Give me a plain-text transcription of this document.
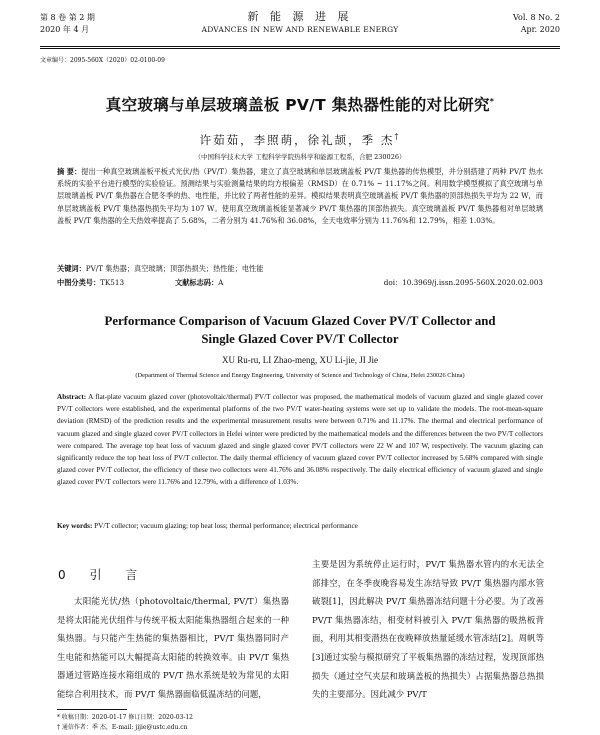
第 8 卷 第 2 期
2020 年 4 月
新 能 源 进 展
ADVANCES IN NEW AND RENEWABLE ENERGY
Vol. 8 No. 2
Apr. 2020
文章编号：2095-560X（2020）02-0100-09
真空玻璃与单层玻璃盖板 PV/T 集热器性能的对比研究*
许茹茹，李照萌，徐礼颉，季 杰†
（中国科学技术大学 工程科学学院热科学和能源工程系，合肥 230026）
摘 要：提出一种真空玻璃盖板平板式光伏/热（PV/T）集热器，建立了真空玻璃和单层玻璃盖板 PV/T 集热器的传热模型，并分别搭建了两种 PV/T 热水系统的实验平台进行模型的实验验证。预测结果与实验测量结果的均方根偏差（RMSD）在 0.71% ~ 11.17%之间。利用数学模型模拟了真空玻璃与单层玻璃盖板 PV/T 集热器在合肥冬季的热、电性能，并比较了两者性能的差异。模拟结果表明真空玻璃盖板 PV/T 集热器的顶部热损失平均为 22 W，而单层玻璃盖板 PV/T 集热器热损失平均为 107 W。使用真空玻璃盖板能显著减少 PV/T 集热器的顶部热损失。真空玻璃盖板 PV/T 集热器相对单层玻璃盖板 PV/T 集热器的全天热效率提高了 5.68%，二者分别为 41.76%和 36.08%，全天电效率分别为 11.76%和 12.79%，相差 1.03%。
关键词：PV/T 集热器；真空玻璃；顶部热损失；热性能；电性能
中图分类号： TK513	文献标志码： A	doi：10.3969/j.issn.2095-560X.2020.02.003
Performance Comparison of Vacuum Glazed Cover PV/T Collector and
Single Glazed Cover PV/T Collector
XU Ru-ru, LI Zhao-meng, XU Li-jie, JI Jie
(Department of Thermal Science and Energy Engineering, University of Science and Technology of China, Hefei 230026 China)
Abstract: A flat-plate vacuum glazed cover (photovoltaic/thermal) PV/T collector was proposed, the mathematical models of vacuum glazed and single glazed cover PV/T collectors were established, and the experimental platforms of the two PV/T water-heating systems were set up to validate the models. The root-mean-square deviation (RMSD) of the prediction results and the experimental measurement results were between 0.71% and 11.17%. The thermal and electrical performance of vacuum glazed and single glazed cover PV/T collectors in Hefei winter were predicted by the mathematical models and the differences between the two PV/T collectors were compared. The average top heat loss of vacuum glazed and single glazed cover PV/T collectors were 22 W and 107 W, respectively. The vacuum glazing can significantly reduce the top heat loss of PV/T collector. The daily thermal efficiency of vacuum glazed cover PV/T collector increased by 5.68% compared with single glazed cover PV/T collector, the efficiency of these two collectors were 41.76% and 36.08% respectively. The daily electrical efficiency of vacuum glazed and single glazed cover PV/T collectors were 11.76% and 12.79%, with a difference of 1.03%.
Key words: PV/T collector; vacuum glazing; top heat loss; thermal performance; electrical performance
0 引 言
太阳能光伏/热（photovoltaic/thermal, PV/T）集热器是将太阳能光伏组件与传统平板太阳能集热器组合起来的一种集热器。与只能产生热能的集热器相比，PV/T 集热器同时产生电能和热能可以大幅提高太阳能的转换效率。由 PV/T 集热器通过管路连接水箱组成的 PV/T 热水系统是较为常见的太阳能综合利用技术，而 PV/T 集热器面临低温冻结的问题，
主要是因为系统停止运行时，PV/T 集热器水管内的水无法全部排空，在冬季夜晚容易发生冻结导致 PV/T 集热器内部水管破裂[1]，因此解决 PV/T 集热器冻结问题十分必要。为了改善 PV/T 集热器冻结，相变材料被引入 PV/T 集热器的吸热板背面，利用其相变潜热在夜晚释放热量延缓水管冻结[2]。周帆等[3]通过实验与模拟研究了平板集热器的冻结过程，发现顶部热损失（通过空气夹层和玻璃盖板的热损失）占据集热器总热损失的主要部分。因此减少 PV/T
* 收稿日期：2020-01-17 修订日期：2020-03-12
† 通信作者：季 杰，E-mail: jijie@ustc.edu.cn
